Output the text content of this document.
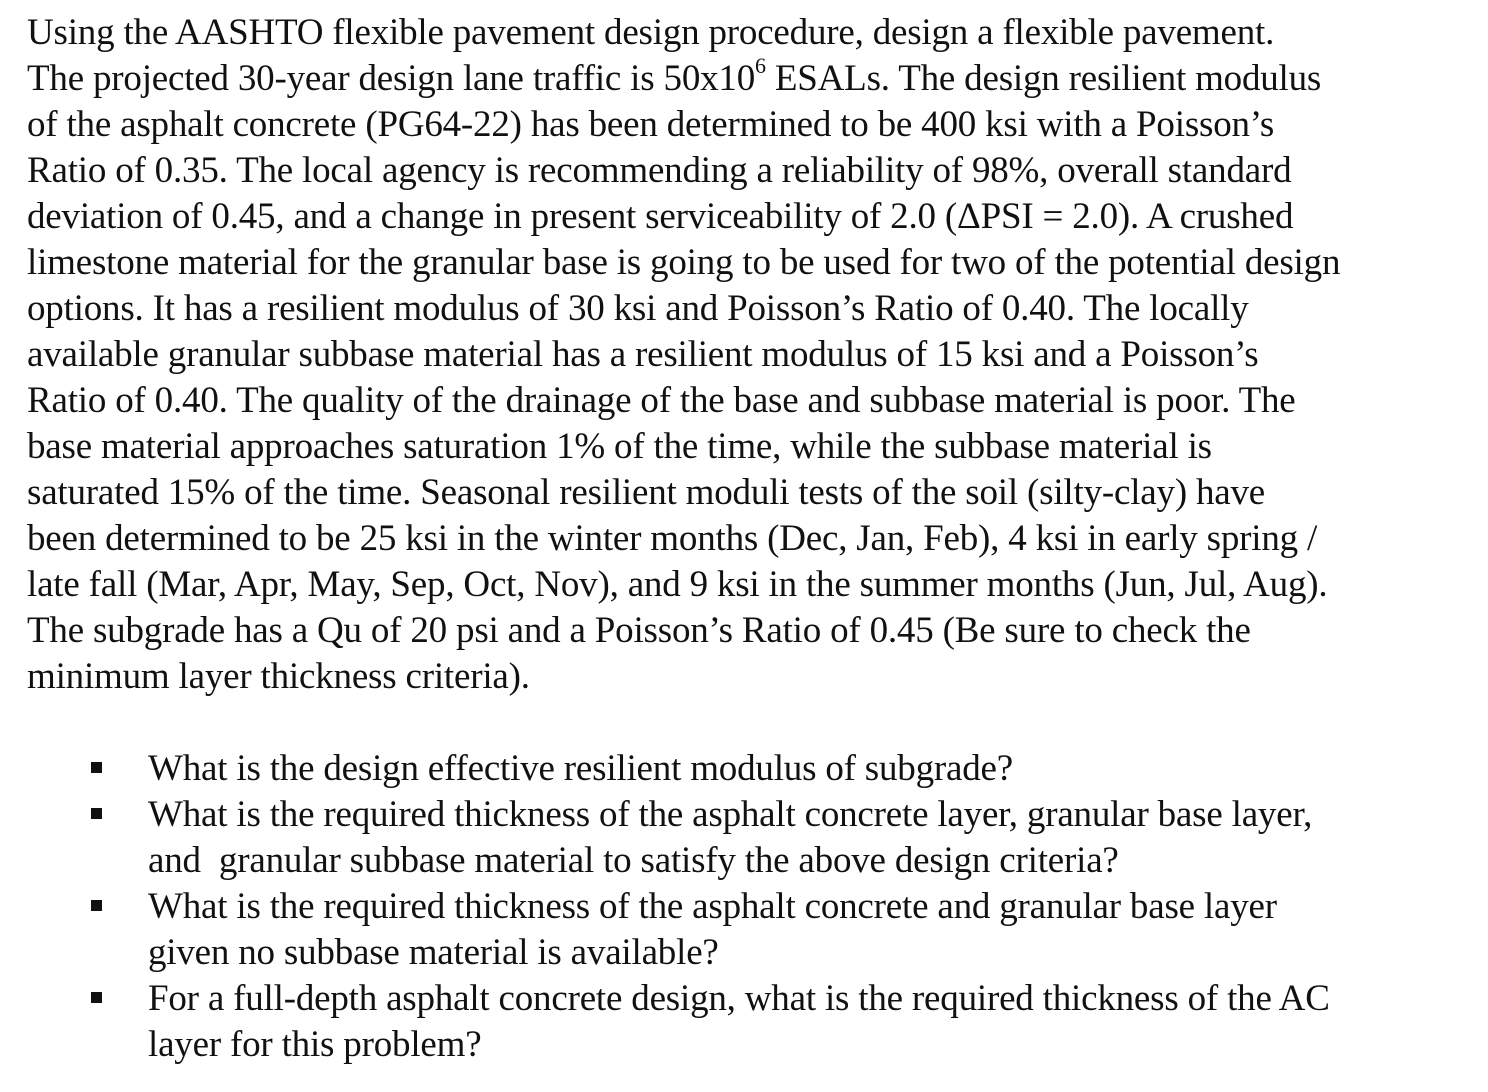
Using the AASHTO flexible pavement design procedure, design a flexible pavement.
The projected 30-year design lane traffic is $50x10^6$ ESALs. The design resilient modulus
of the asphalt concrete (PG64-22) has been determined to be 400 ksi with a Poisson’s
Ratio of 0.35. The local agency is recommending a reliability of 98%, overall standard
deviation of 0.45, and a change in present serviceability of 2.0 (ΔPSI = 2.0). A crushed
limestone material for the granular base is going to be used for two of the potential design
options. It has a resilient modulus of 30 ksi and Poisson’s Ratio of 0.40. The locally
available granular subbase material has a resilient modulus of 15 ksi and a Poisson’s
Ratio of 0.40. The quality of the drainage of the base and subbase material is poor. The
base material approaches saturation 1% of the time, while the subbase material is
saturated 15% of the time. Seasonal resilient moduli tests of the soil (silty-clay) have
been determined to be 25 ksi in the winter months (Dec, Jan, Feb), 4 ksi in early spring /
late fall (Mar, Apr, May, Sep, Oct, Nov), and 9 ksi in the summer months (Jun, Jul, Aug).
The subgrade has a Qu of 20 psi and a Poisson’s Ratio of 0.45 (Be sure to check the
minimum layer thickness criteria).

What is the design effective resilient modulus of subgrade?
What is the required thickness of the asphalt concrete layer, granular base layer,
and  granular subbase material to satisfy the above design criteria?
What is the required thickness of the asphalt concrete and granular base layer
given no subbase material is available?
For a full-depth asphalt concrete design, what is the required thickness of the AC
layer for this problem?
